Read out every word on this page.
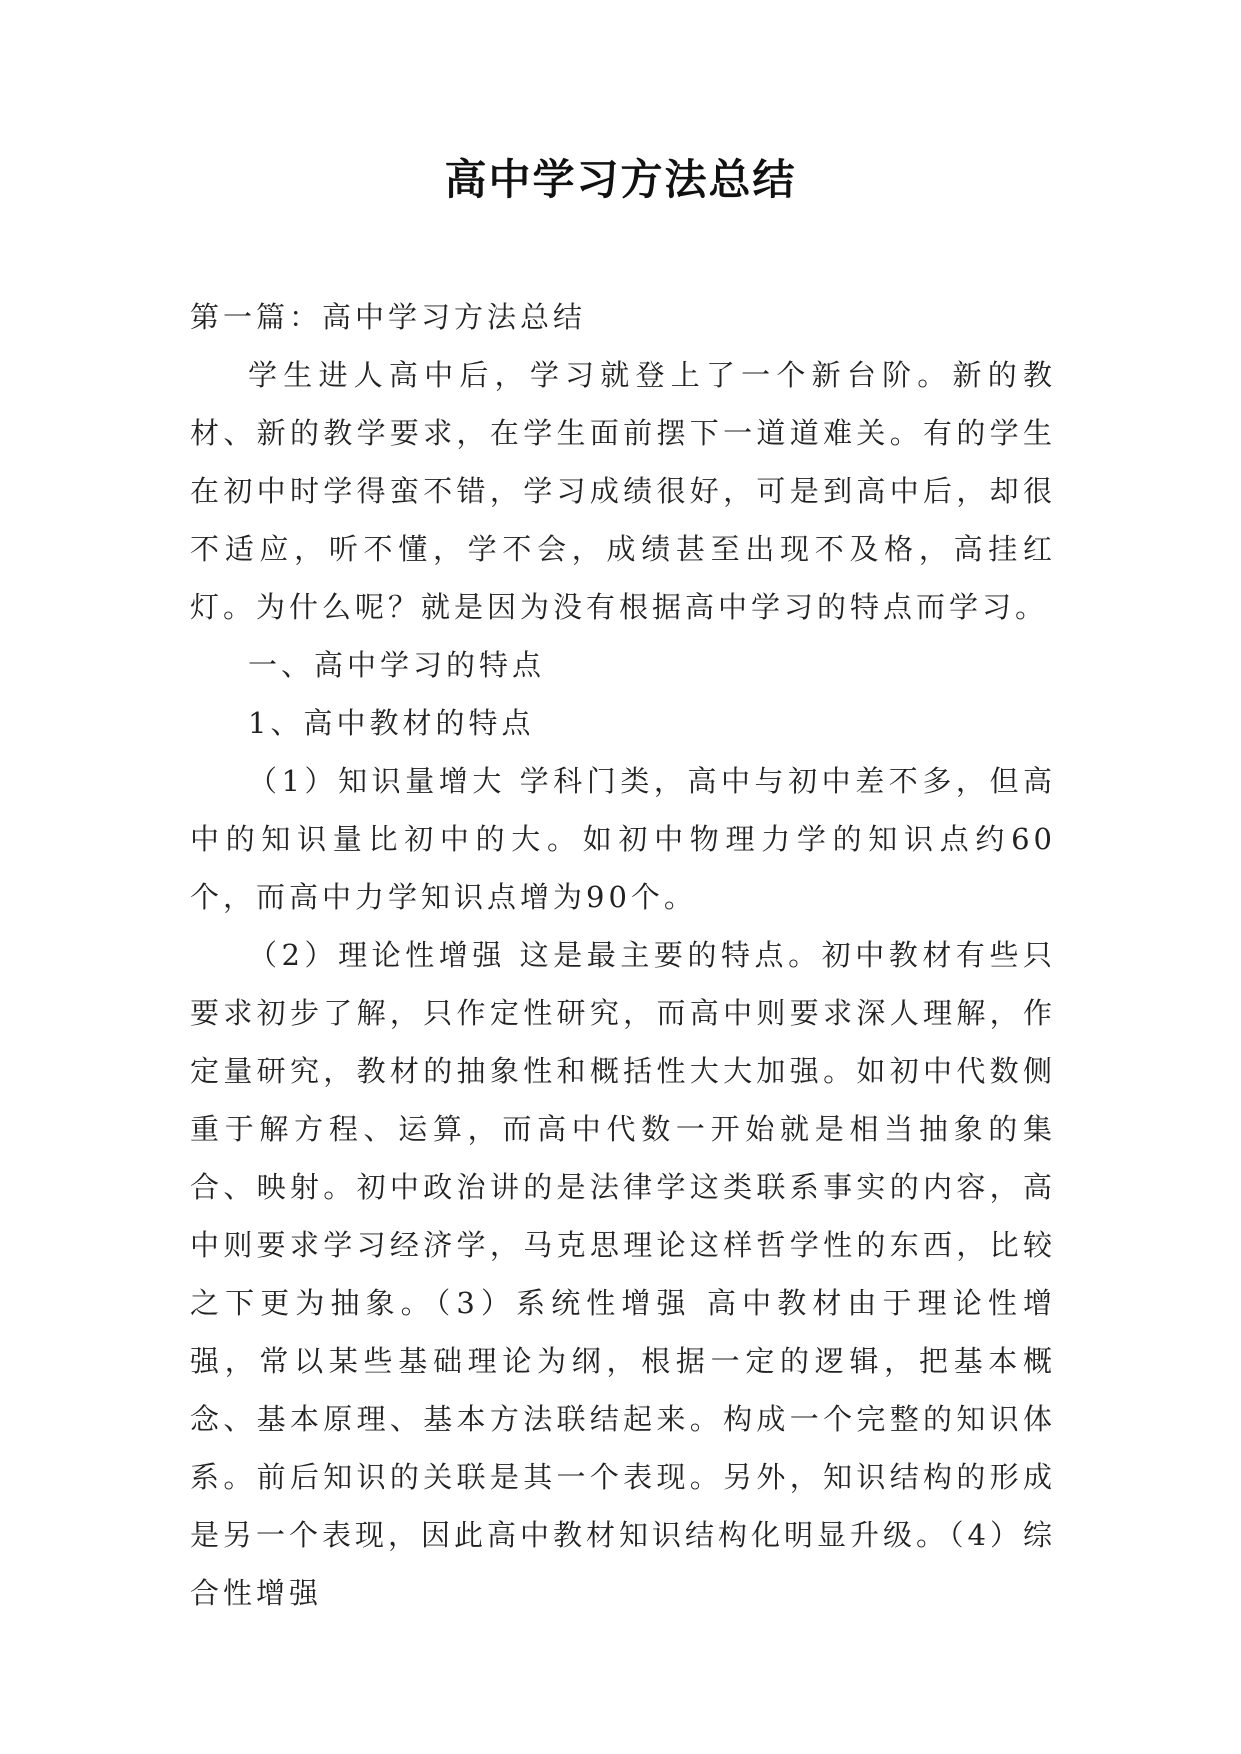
高中学习方法总结

第一篇：高中学习方法总结

学生进人高中后，学习就登上了一个新台阶。新的教材、新的教学要求，在学生面前摆下一道道难关。有的学生在初中时学得蛮不错，学习成绩很好，可是到高中后，却很不适应，听不懂，学不会，成绩甚至出现不及格，高挂红灯。为什么呢？就是因为没有根据高中学习的特点而学习。

一、高中学习的特点

1、高中教材的特点

（1）知识量增大 学科门类，高中与初中差不多，但高中的知识量比初中的大。如初中物理力学的知识点约60个，而高中力学知识点增为90个。

（2）理论性增强 这是最主要的特点。初中教材有些只要求初步了解，只作定性研究，而高中则要求深人理解，作定量研究，教材的抽象性和概括性大大加强。如初中代数侧重于解方程、运算，而高中代数一开始就是相当抽象的集合、映射。初中政治讲的是法律学这类联系事实的内容，高中则要求学习经济学，马克思理论这样哲学性的东西，比较之下更为抽象。（3）系统性增强 高中教材由于理论性增强，常以某些基础理论为纲，根据一定的逻辑，把基本概念、基本原理、基本方法联结起来。构成一个完整的知识体系。前后知识的关联是其一个表现。另外，知识结构的形成是另一个表现，因此高中教材知识结构化明显升级。（4）综合性增强
